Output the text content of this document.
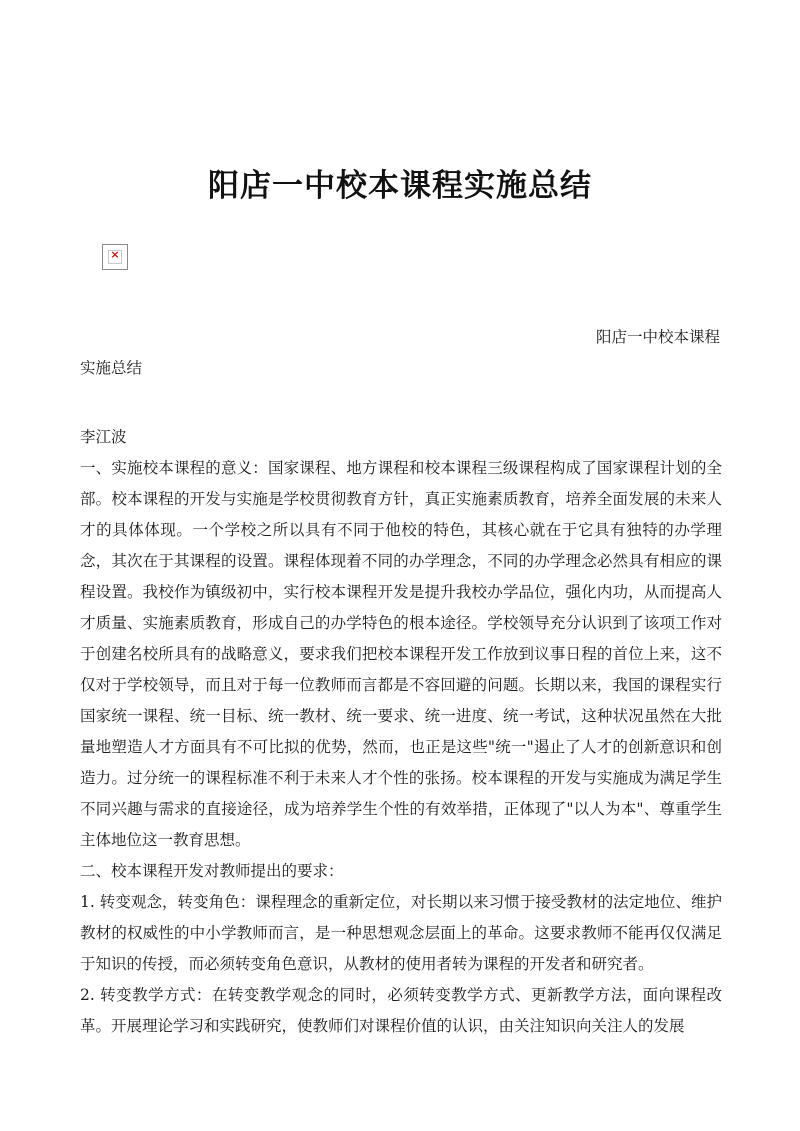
阳店一中校本课程实施总结
×
阳店一中校本课程
实施总结
李江波

一、实施校本课程的意义：国家课程、地方课程和校本课程三级课程构成了国家课程计划的全部。校本课程的开发与实施是学校贯彻教育方针，真正实施素质教育，培养全面发展的未来人才的具体体现。一个学校之所以具有不同于他校的特色，其核心就在于它具有独特的办学理念，其次在于其课程的设置。课程体现着不同的办学理念，不同的办学理念必然具有相应的课程设置。我校作为镇级初中，实行校本课程开发是提升我校办学品位，强化内功，从而提高人才质量、实施素质教育，形成自己的办学特色的根本途径。学校领导充分认识到了该项工作对于创建名校所具有的战略意义，要求我们把校本课程开发工作放到议事日程的首位上来，这不仅对于学校领导，而且对于每一位教师而言都是不容回避的问题。长期以来，我国的课程实行国家统一课程、统一目标、统一教材、统一要求、统一进度、统一考试，这种状况虽然在大批量地塑造人才方面具有不可比拟的优势，然而，也正是这些"统一"遏止了人才的创新意识和创造力。过分统一的课程标准不利于未来人才个性的张扬。校本课程的开发与实施成为满足学生不同兴趣与需求的直接途径，成为培养学生个性的有效举措，正体现了"以人为本"、尊重学生主体地位这一教育思想。

二、校本课程开发对教师提出的要求：

1. 转变观念，转变角色：课程理念的重新定位，对长期以来习惯于接受教材的法定地位、维护教材的权威性的中小学教师而言，是一种思想观念层面上的革命。这要求教师不能再仅仅满足于知识的传授，而必须转变角色意识，从教材的使用者转为课程的开发者和研究者。

2. 转变教学方式：在转变教学观念的同时，必须转变教学方式、更新教学方法，面向课程改革。开展理论学习和实践研究，使教师们对课程价值的认识，由关注知识向关注人的发展
